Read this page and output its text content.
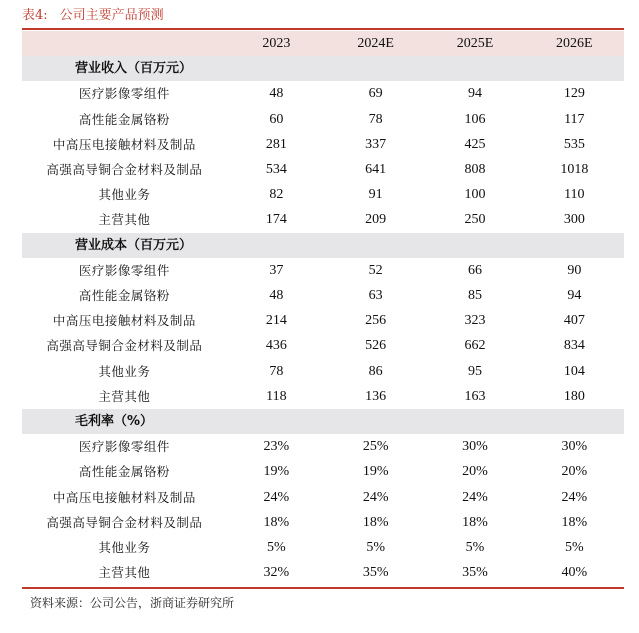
表4: 公司主要产品预测
	2023	2024E	2025E	2026E
营业收入（百万元）				
医疗影像零组件	48	69	94	129
高性能金属铬粉	60	78	106	117
中高压电接触材料及制品	281	337	425	535
高强高导铜合金材料及制品	534	641	808	1018
其他业务	82	91	100	110
主营其他	174	209	250	300
营业成本（百万元）				
医疗影像零组件	37	52	66	90
高性能金属铬粉	48	63	85	94
中高压电接触材料及制品	214	256	323	407
高强高导铜合金材料及制品	436	526	662	834
其他业务	78	86	95	104
主营其他	118	136	163	180
毛利率（%）				
医疗影像零组件	23%	25%	30%	30%
高性能金属铬粉	19%	19%	20%	20%
中高压电接触材料及制品	24%	24%	24%	24%
高强高导铜合金材料及制品	18%	18%	18%	18%
其他业务	5%	5%	5%	5%
主营其他	32%	35%	35%	40%
资料来源：公司公告，浙商证券研究所
